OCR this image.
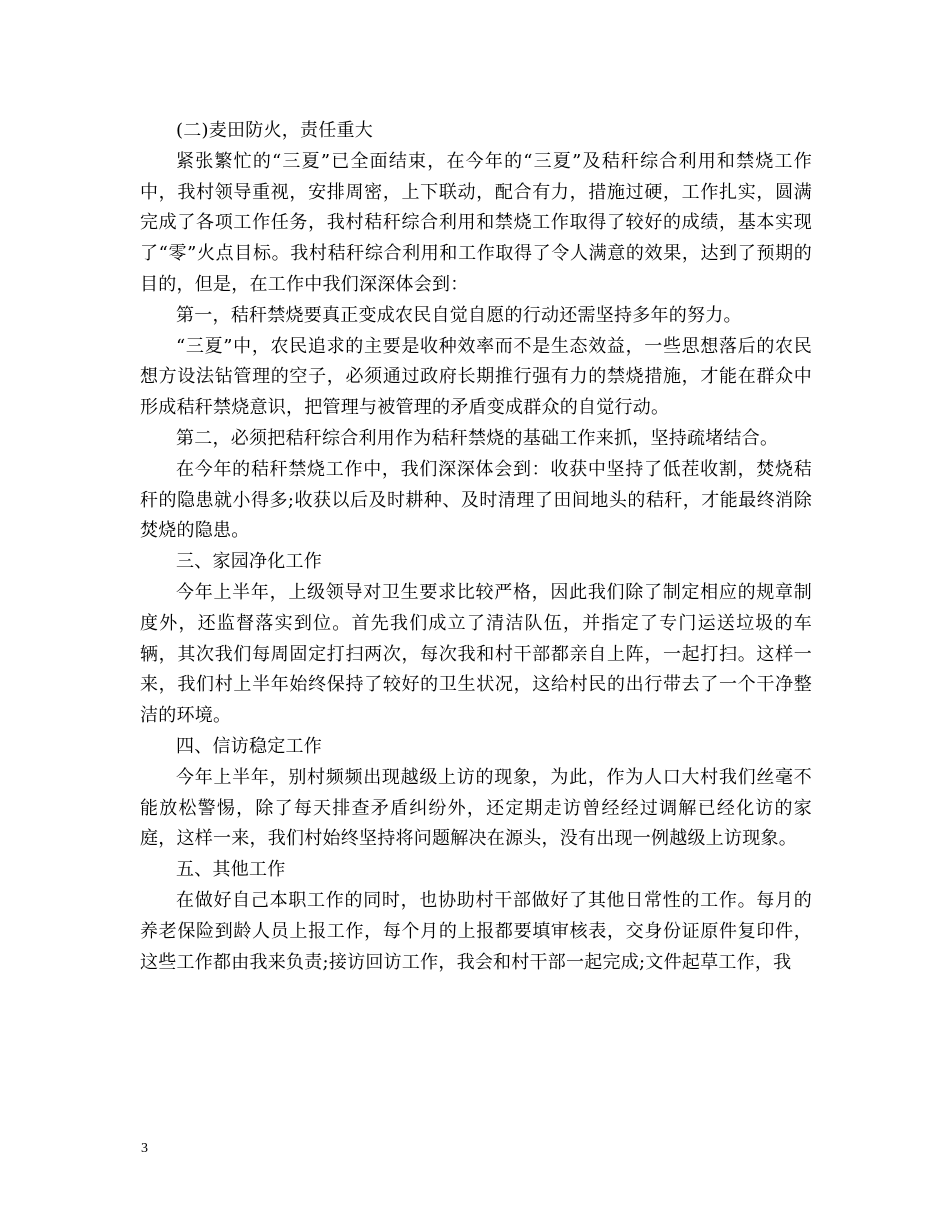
(二)麦田防火，责任重大

紧张繁忙的“三夏”已全面结束，在今年的“三夏”及秸秆综合利用和禁烧工作中，我村领导重视，安排周密，上下联动，配合有力，措施过硬，工作扎实，圆满完成了各项工作任务，我村秸秆综合利用和禁烧工作取得了较好的成绩，基本实现了“零”火点目标。我村秸秆综合利用和工作取得了令人满意的效果，达到了预期的目的，但是，在工作中我们深深体会到：

第一，秸秆禁烧要真正变成农民自觉自愿的行动还需坚持多年的努力。

“三夏”中，农民追求的主要是收种效率而不是生态效益，一些思想落后的农民想方设法钻管理的空子，必须通过政府长期推行强有力的禁烧措施，才能在群众中形成秸秆禁烧意识，把管理与被管理的矛盾变成群众的自觉行动。

第二，必须把秸秆综合利用作为秸秆禁烧的基础工作来抓，坚持疏堵结合。

在今年的秸秆禁烧工作中，我们深深体会到：收获中坚持了低茬收割，焚烧秸秆的隐患就小得多;收获以后及时耕种、及时清理了田间地头的秸秆，才能最终消除焚烧的隐患。

三、家园净化工作

今年上半年，上级领导对卫生要求比较严格，因此我们除了制定相应的规章制度外，还监督落实到位。首先我们成立了清洁队伍，并指定了专门运送垃圾的车辆，其次我们每周固定打扫两次，每次我和村干部都亲自上阵，一起打扫。这样一来，我们村上半年始终保持了较好的卫生状况，这给村民的出行带去了一个干净整洁的环境。

四、信访稳定工作

今年上半年，别村频频出现越级上访的现象，为此，作为人口大村我们丝毫不能放松警惕，除了每天排查矛盾纠纷外，还定期走访曾经经过调解已经化访的家庭，这样一来，我们村始终坚持将问题解决在源头，没有出现一例越级上访现象。

五、其他工作

在做好自己本职工作的同时，也协助村干部做好了其他日常性的工作。每月的养老保险到龄人员上报工作，每个月的上报都要填审核表，交身份证原件复印件，这些工作都由我来负责;接访回访工作，我会和村干部一起完成;文件起草工作，我

3
